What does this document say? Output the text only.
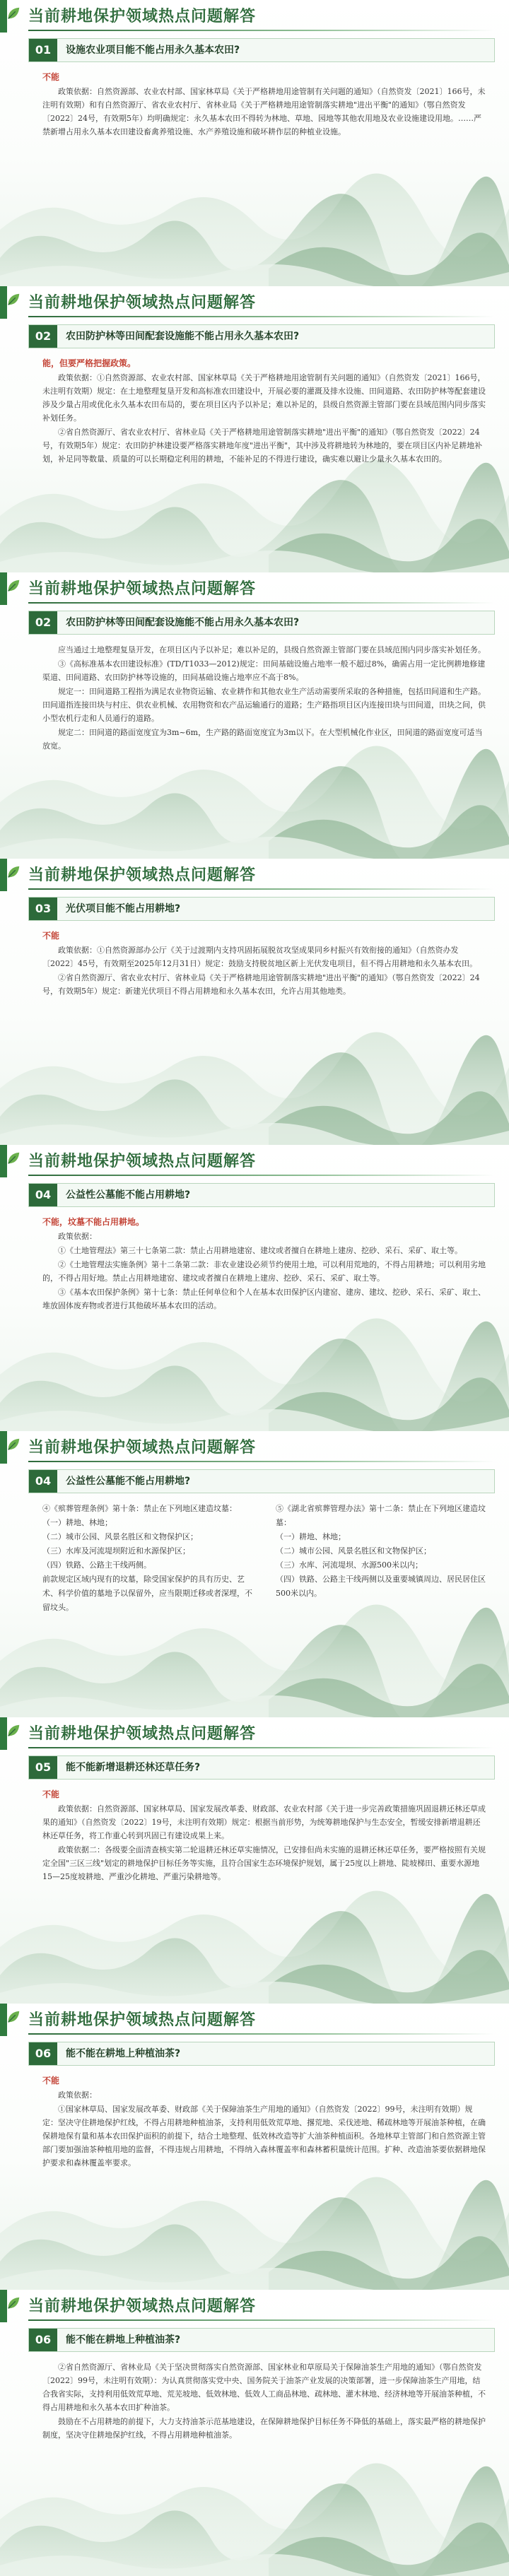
当前耕地保护领域热点问题解答
01	设施农业项目能不能占用永久基本农田?

不能

政策依据：自然资源部、农业农村部、国家林草局《关于严格耕地用途管制有关问题的通知》（自然资发〔2021〕166号，未注明有效期）和有自然资源厅、省农业农村厅、省林业局《关于严格耕地用途管制落实耕地"进出平衡"的通知》（鄂自然资发〔2022〕24号，有效期5年）均明确规定：永久基本农田不得转为林地、草地、园地等其他农用地及农业设施建设用地。……严禁新增占用永久基本农田建设畜禽养殖设施、水产养殖设施和破坏耕作层的种植业设施。

当前耕地保护领域热点问题解答
02	农田防护林等田间配套设施能不能占用永久基本农田?

能，但要严格把握政策。

政策依据：①自然资源部、农业农村部、国家林草局《关于严格耕地用途管制有关问题的通知》（自然资发〔2021〕166号，未注明有效期）规定：在土地整理复垦开发和高标准农田建设中，开展必要的灌溉及排水设施、田间道路、农田防护林等配套建设涉及少量占用或优化永久基本农田布局的，要在项目区内予以补足；难以补足的，县级自然资源主管部门要在县域范围内同步落实补划任务。

②省自然资源厅、省农业农村厅、省林业局《关于严格耕地用途管制落实耕地"进出平衡"的通知》（鄂自然资发〔2022〕24号，有效期5年）规定：农田防护林建设要严格落实耕地年度"进出平衡"，其中涉及将耕地转为林地的，要在项目区内补足耕地补划，补足同等数量、质量的可以长期稳定利用的耕地，不能补足的不得进行建设，确实难以避让少量永久基本农田的。

当前耕地保护领域热点问题解答
02	农田防护林等田间配套设施能不能占用永久基本农田?

应当通过土地整理复垦开发，在项目区内予以补足；难以补足的，县级自然资源主管部门要在县域范围内同步落实补划任务。

③《高标准基本农田建设标准》(TD/T1033—2012)规定：田间基础设施占地率一般不超过8%，确需占用一定比例耕地修建渠道、田间道路、农田防护林等设施的，田间基础设施占地率应不高于8%。

规定一：田间道路工程指为满足农业物资运输、农业耕作和其他农业生产活动需要所采取的各种措施，包括田间道和生产路。田间道指连接田块与村庄、供农业机械、农用物资和农产品运输通行的道路；生产路指项目区内连接田块与田间道，田块之间，供小型农机行走和人员通行的道路。

规定二：田间道的路面宽度宜为3m~6m，生产路的路面宽度宜为3m以下。在大型机械化作业区，田间道的路面宽度可适当放宽。

当前耕地保护领域热点问题解答
03	光伏项目能不能占用耕地?

不能

政策依据：①自然资源部办公厅《关于过渡期内支持巩固拓展脱贫攻坚成果同乡村振兴有效衔接的通知》（自然资办发〔2022〕45号，有效期至2025年12月31日）规定：鼓励支持脱贫地区新上光伏发电项目，但不得占用耕地和永久基本农田。

②省自然资源厅、省农业农村厅、省林业局《关于严格耕地用途管制落实耕地"进出平衡"的通知》（鄂自然资发〔2022〕24号，有效期5年）规定：新建光伏项目不得占用耕地和永久基本农田，允许占用其他地类。

当前耕地保护领域热点问题解答
04	公益性公墓能不能占用耕地?

不能，坟墓不能占用耕地。

政策依据：

①《土地管理法》第三十七条第二款：禁止占用耕地建窑、建坟或者擅自在耕地上建房、挖砂、采石、采矿、取土等。

②《土地管理法实施条例》第十二条第二款：非农业建设必须节约使用土地，可以利用荒地的，不得占用耕地；可以利用劣地的，不得占用好地。禁止占用耕地建窑、建坟或者擅自在耕地上建房、挖砂、采石、采矿、取土等。

③《基本农田保护条例》第十七条：禁止任何单位和个人在基本农田保护区内建窑、建房、建坟、挖砂、采石、采矿、取土、堆放固体废弃物或者进行其他破坏基本农田的活动。

当前耕地保护领域热点问题解答
04	公益性公墓能不能占用耕地?

④《殡葬管理条例》第十条：禁止在下列地区建造坟墓：

（一）耕地、林地；

（二）城市公园、风景名胜区和文物保护区；

（三）水库及河流堤坝附近和水源保护区；

（四）铁路、公路主干线两侧。

前款规定区域内现有的坟墓，除受国家保护的具有历史、艺术、科学价值的墓地予以保留外，应当限期迁移或者深埋，不留坟头。

⑤《湖北省殡葬管理办法》第十二条：禁止在下列地区建造坟墓：

（一）耕地、林地；

（二）城市公园、风景名胜区和文物保护区；

（三）水库、河流堤坝、水源500米以内；

（四）铁路、公路主干线两侧以及重要城镇周边、居民居住区500米以内。

当前耕地保护领域热点问题解答
05	能不能新增退耕还林还草任务?

不能

政策依据：自然资源部、国家林草局、国家发展改革委、财政部、农业农村部《关于进一步完善政策措施巩固退耕还林还草成果的通知》（自然资发〔2022〕19号，未注明有效期）规定：根据当前形势，为统筹耕地保护与生态安全，暂缓安排新增退耕还林还草任务，将工作重心转到巩固已有建设成果上来。

政策依据二：各级要全面清查核实第二轮退耕还林还草实施情况，已安排但尚未实施的退耕还林还草任务，要严格按照有关规定全国"三区三线"划定的耕地保护目标任务等实施，且符合国家生态环境保护规划，属于25度以上耕地、陡坡梯田、重要水源地15—25度坡耕地、严重沙化耕地、严重污染耕地等。

当前耕地保护领域热点问题解答
06	能不能在耕地上种植油茶?

不能

政策依据：

①国家林草局、国家发展改革委、财政部《关于保障油茶生产用地的通知》（自然资发〔2022〕99号，未注明有效期）规定：坚决守住耕地保护红线，不得占用耕地种植油茶，支持利用低效荒草地、撂荒地、采伐迹地、稀疏林地等开展油茶种植，在确保耕地保有量和基本农田保护面积的前提下，结合土地整理、低效林改造等扩大油茶种植面积。各地林草主管部门和自然资源主管部门要加强油茶种植用地的监督，不得违规占用耕地，不得纳入森林覆盖率和森林蓄积量统计范围。扩种、改造油茶要依据耕地保护要求和森林覆盖率要求。

当前耕地保护领域热点问题解答
06	能不能在耕地上种植油茶?

②省自然资源厅、省林业局《关于坚决贯彻落实自然资源部、国家林业和草原局关于保障油茶生产用地的通知》（鄂自然资发〔2022〕99号，未注明有效期）：为认真贯彻落实党中央、国务院关于油茶产业发展的决策部署，进一步保障油茶生产用地，结合我省实际，支持利用低效荒草地、荒芜坡地、低效林地、低效人工商品林地、疏林地、灌木林地、经济林地等开展油茶种植，不得占用耕地和永久基本农田扩种油茶。

鼓励在不占用耕地的前提下，大力支持油茶示范基地建设，在保障耕地保护目标任务不降低的基础上，落实最严格的耕地保护制度，坚决守住耕地保护红线，不得占用耕地种植油茶。
